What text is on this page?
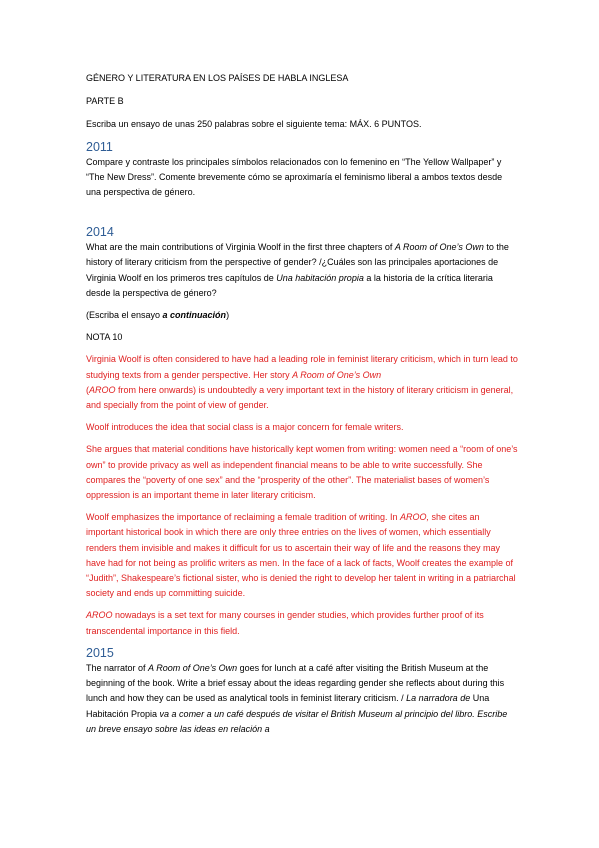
GÉNERO Y LITERATURA EN LOS PAÍSES DE HABLA INGLESA

PARTE B

Escriba un ensayo de unas 250 palabras sobre el siguiente tema: MÁX. 6 PUNTOS.

2011

Compare y contraste los principales símbolos relacionados con lo femenino en “The Yellow Wallpaper” y “The New Dress”. Comente brevemente cómo se aproximaría el feminismo liberal a ambos textos desde una perspectiva de género.

2014

What are the main contributions of Virginia Woolf in the first three chapters of A Room of One’s Own to the history of literary criticism from the perspective of gender? /¿Cuáles son las principales aportaciones de Virginia Woolf en los primeros tres capítulos de Una habitación propia a la historia de la crítica literaria desde la perspectiva de género?

(Escriba el ensayo a continuación)

NOTA 10

Virginia Woolf is often considered to have had a leading role in feminist literary criticism, which in turn lead to studying texts from a gender perspective. Her story A Room of One’s Own
(AROO from here onwards) is undoubtedly a very important text in the history of literary criticism in general, and specially from the point of view of gender.

Woolf introduces the idea that social class is a major concern for female writers.

She argues that material conditions have historically kept women from writing: women need a “room of one’s own” to provide privacy as well as independent financial means to be able to write successfully. She compares the “poverty of one sex” and the “prosperity of the other”. The materialist bases of women’s oppression is an important theme in later literary criticism.

Woolf emphasizes the importance of reclaiming a female tradition of writing. In AROO, she cites an important historical book in which there are only three entries on the lives of women, which essentially renders them invisible and makes it difficult for us to ascertain their way of life and the reasons they may have had for not being as prolific writers as men. In the face of a lack of facts, Woolf creates the example of “Judith”, Shakespeare’s fictional sister, who is denied the right to develop her talent in writing in a patriarchal society and ends up committing suicide.

AROO nowadays is a set text for many courses in gender studies, which provides further proof of its transcendental importance in this field.

2015

The narrator of A Room of One’s Own goes for lunch at a café after visiting the British Museum at the beginning of the book. Write a brief essay about the ideas regarding gender she reflects about during this lunch and how they can be used as analytical tools in feminist literary criticism. / La narradora de Una Habitación Propia va a comer a un café después de visitar el British Museum al principio del libro. Escribe un breve ensayo sobre las ideas en relación a
